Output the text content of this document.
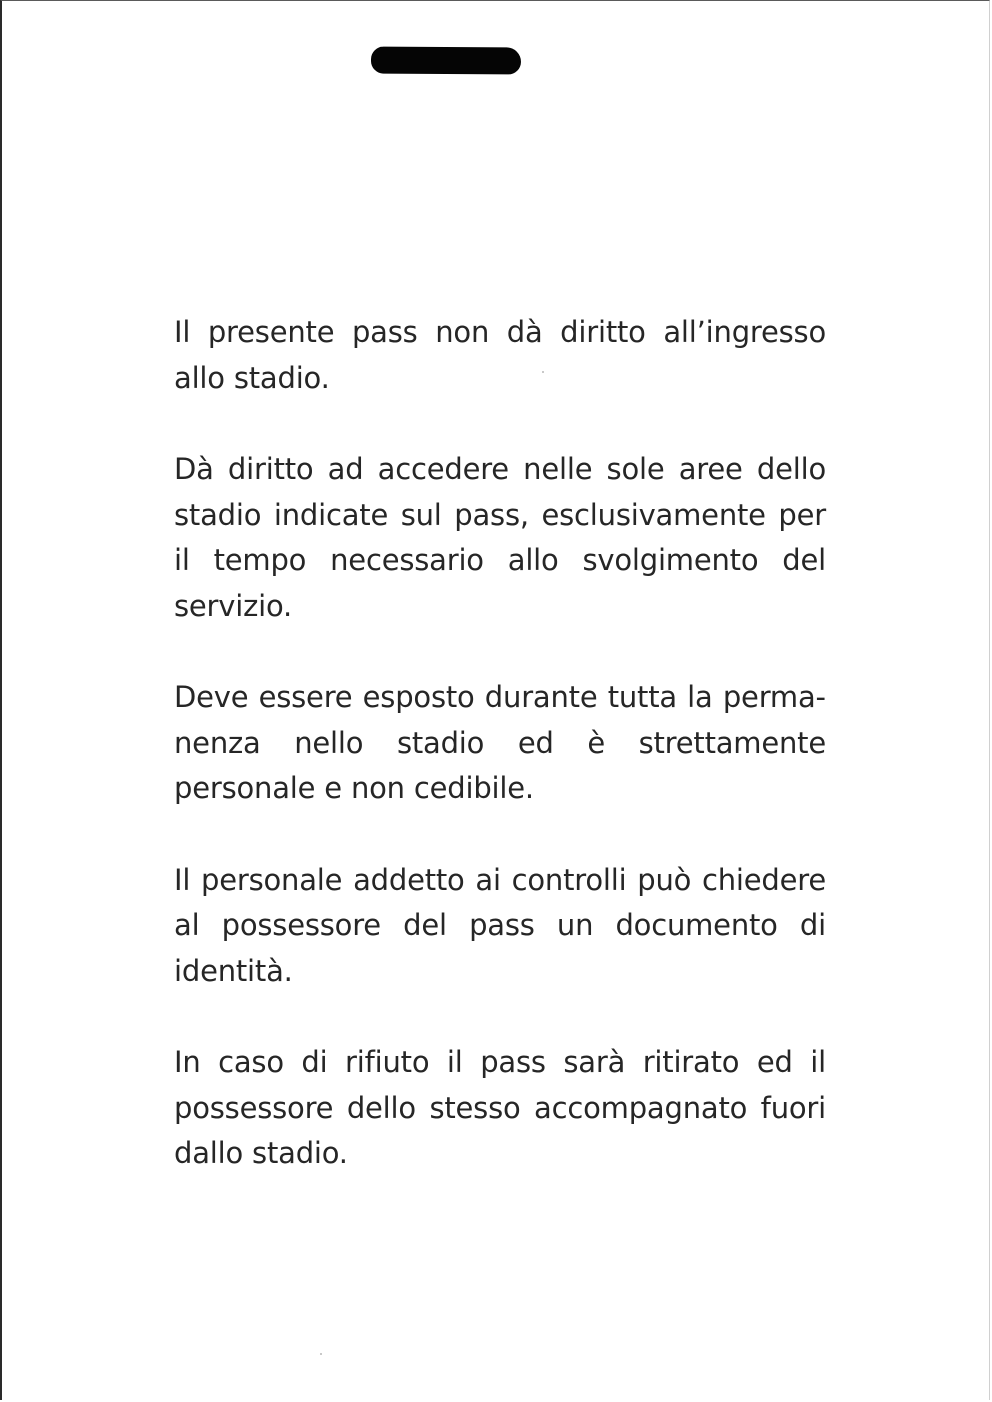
Il presente pass non dà diritto all’ingresso allo stadio.

Dà diritto ad accedere nelle sole aree dello stadio indicate sul pass, esclusivamente per il tempo necessario allo svolgimento del servizio.

Deve essere esposto durante tutta la permanenza nello stadio ed è strettamente personale e non cedibile.

Il personale addetto ai controlli può chiedere al possessore del pass un documento di identità.

In caso di rifiuto il pass sarà ritirato ed il possessore dello stesso accompagnato fuori dallo stadio.
